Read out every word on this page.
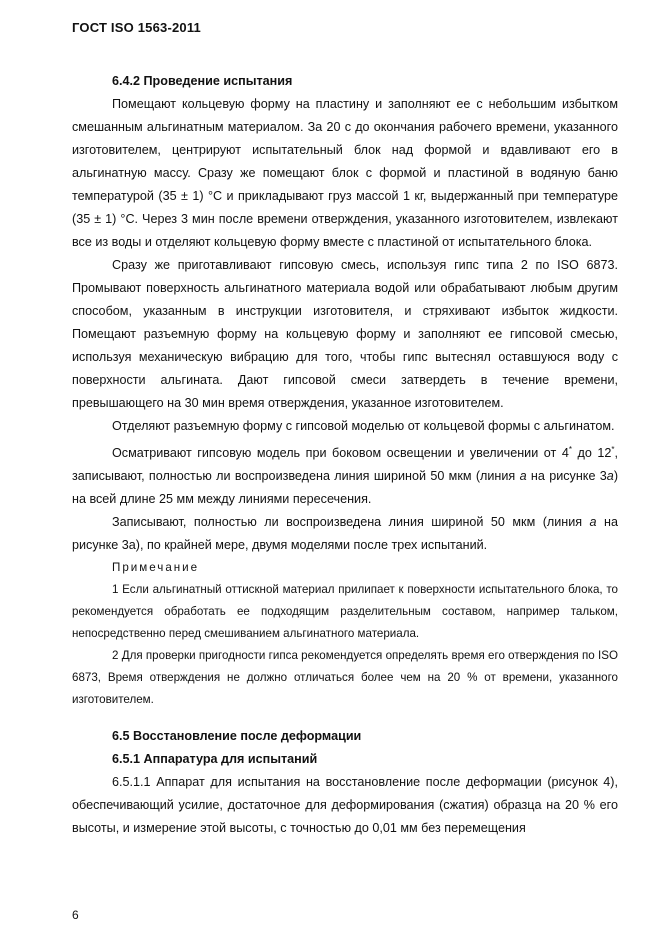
ГОСТ ISO 1563-2011

6.4.2 Проведение испытания

Помещают кольцевую форму на пластину и заполняют ее с небольшим избытком смешанным альгинатным материалом. За 20 с до окончания рабочего времени, указанного изготовителем, центрируют испытательный блок над формой и вдавливают его в альгинатную массу. Сразу же помещают блок с формой и пластиной в водяную баню температурой (35 ± 1) °С и прикладывают груз массой 1 кг, выдержанный при температуре (35 ± 1) °С. Через 3 мин после времени отверждения, указанного изготовителем, извлекают все из воды и отделяют кольцевую форму вместе с пластиной от испытательного блока.

Сразу же приготавливают гипсовую смесь, используя гипс типа 2 по ISO 6873. Промывают поверхность альгинатного материала водой или обрабатывают любым другим способом, указанным в инструкции изготовителя, и стряхивают избыток жидкости. Помещают разъемную форму на кольцевую форму и заполняют ее гипсовой смесью, используя механическую вибрацию для того, чтобы гипс вытеснял оставшуюся воду с поверхности альгината. Дают гипсовой смеси затвердеть в течение времени, превышающего на 30 мин время отверждения, указанное изготовителем.

Отделяют разъемную форму с гипсовой моделью от кольцевой формы с альгинатом.

Осматривают гипсовую модель при боковом освещении и увеличении от 4* до 12*, записывают, полностью ли воспроизведена линия шириной 50 мкм (линия а на рисунке 3а) на всей длине 25 мм между линиями пересечения.

Записывают, полностью ли воспроизведена линия шириной 50 мкм (линия а на рисунке 3а), по крайней мере, двумя моделями после трех испытаний.

Примечание

1 Если альгинатный оттискной материал прилипает к поверхности испытательного блока, то рекомендуется обработать ее подходящим разделительным составом, например тальком, непосредственно перед смешиванием альгинатного материала.

2 Для проверки пригодности гипса рекомендуется определять время его отверждения по ISO 6873, Время отверждения не должно отличаться более чем на 20 % от времени, указанного изготовителем.

6.5 Восстановление после деформации

6.5.1 Аппаратура для испытаний

6.5.1.1 Аппарат для испытания на восстановление после деформации (рисунок 4), обеспечивающий усилие, достаточное для деформирования (сжатия) образца на 20 % его высоты, и измерение этой высоты, с точностью до 0,01 мм без перемещения

6
